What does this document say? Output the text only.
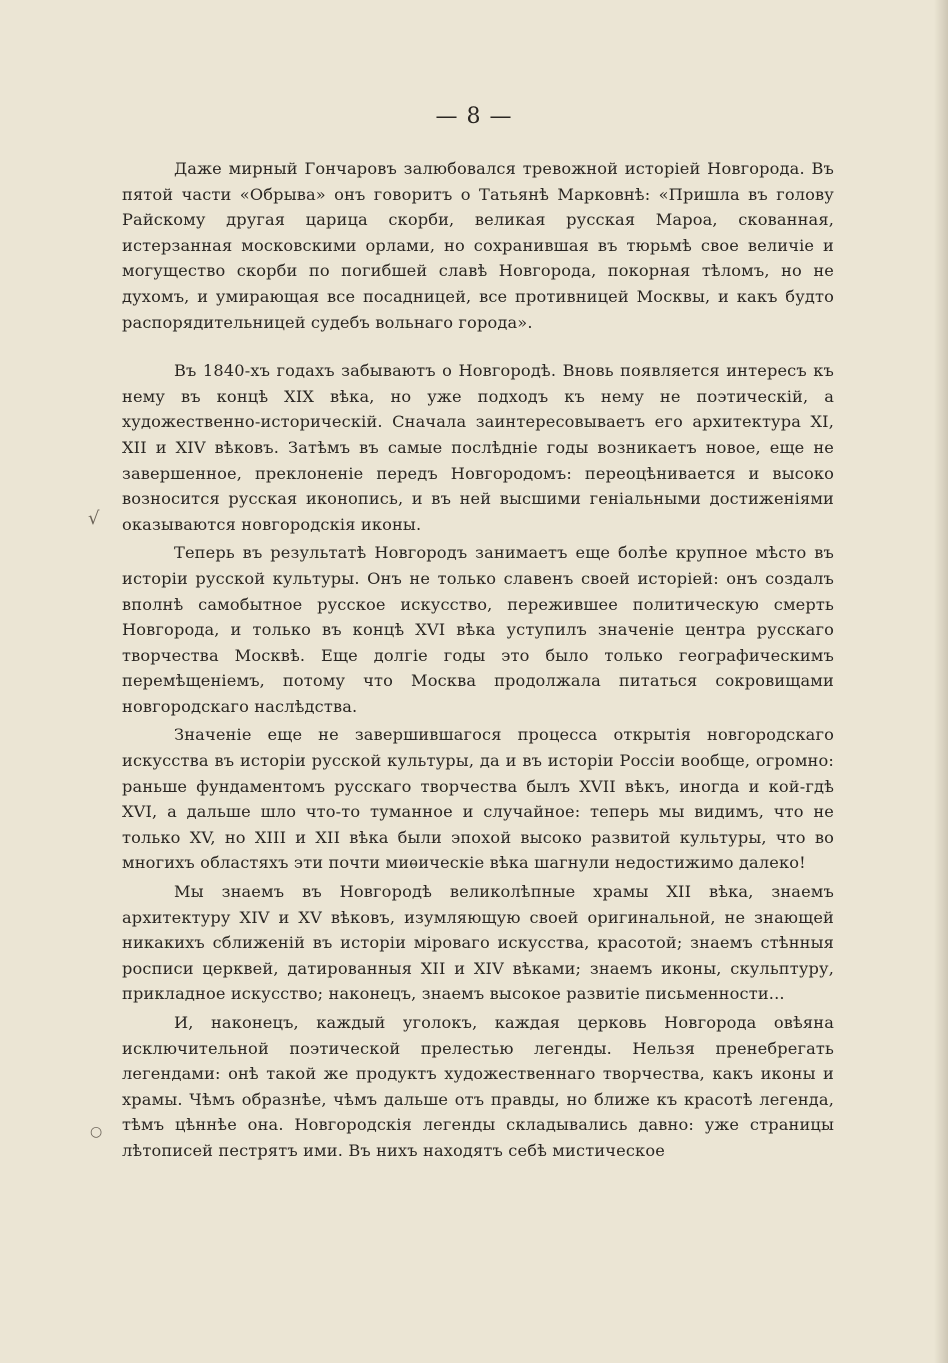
— 8 —

Даже мирный Гончаровъ залюбовался тревожной исторіей Новгорода. Въ пятой части «Обрыва» онъ говоритъ о Татьянѣ Марковнѣ: «Пришла въ голову Райскому другая царица скорби, великая русская Мароа, скованная, истерзанная московскими орлами, но сохранившая въ тюрьмѣ свое величіе и могущество скорби по погибшей славѣ Новгорода, покорная тѣломъ, но не духомъ, и умирающая все посадницей, все противницей Москвы, и какъ будто распорядительницей судебъ вольнаго города».

Въ 1840-хъ годахъ забываютъ о Новгородѣ. Вновь появляется интересъ къ нему въ концѣ XIX вѣка, но уже подходъ къ нему не поэтическій, а художественно-историческій. Сначала заинтересовываетъ его архитектура XI, XII и XIV вѣковъ. Затѣмъ въ самые послѣдніе годы возникаетъ новое, еще не завершенное, преклоненіе передъ Новгородомъ: переоцѣнивается и высоко возносится русская иконопись, и въ ней высшими геніальными достиженіями оказываются новгородскія иконы.

Теперь въ результатѣ Новгородъ занимаетъ еще болѣе крупное мѣсто въ исторіи русской культуры. Онъ не только славенъ своей исторіей: онъ создалъ вполнѣ самобытное русское искусство, пережившее политическую смерть Новгорода, и только въ концѣ XVI вѣка уступилъ значеніе центра русскаго творчества Москвѣ. Еще долгіе годы это было только географическимъ перемѣщеніемъ, потому что Москва продолжала питаться сокровищами новгородскаго наслѣдства.

Значеніе еще не завершившагося процесса открытія новгородскаго искусства въ исторіи русской культуры, да и въ исторіи Россіи вообще, огромно: раньше фундаментомъ русскаго творчества былъ XVII вѣкъ, иногда и кой-гдѣ XVI, а дальше шло что-то туманное и случайное: теперь мы видимъ, что не только XV, но XIII и XII вѣка были эпохой высоко развитой культуры, что во многихъ областяхъ эти почти миѳическіе вѣка шагнули недостижимо далеко!

Мы знаемъ въ Новгородѣ великолѣпные храмы XII вѣка, знаемъ архитектуру XIV и XV вѣковъ, изумляющую своей оригинальной, не знающей никакихъ сближеній въ исторіи міроваго искусства, красотой; знаемъ стѣнныя росписи церквей, датированныя XII и XIV вѣками; знаемъ иконы, скульптуру, прикладное искусство; наконецъ, знаемъ высокое развитіе письменности...

И, наконецъ, каждый уголокъ, каждая церковь Новгорода овѣяна исключительной поэтической прелестью легенды. Нельзя пренебрегать легендами: онѣ такой же продуктъ художественнаго творчества, какъ иконы и храмы. Чѣмъ образнѣе, чѣмъ дальше отъ правды, но ближе къ красотѣ легенда, тѣмъ цѣннѣе она. Новгородскія легенды складывались давно: уже страницы лѣтописей пестрятъ ими. Въ нихъ находятъ себѣ мистическое

√
○
